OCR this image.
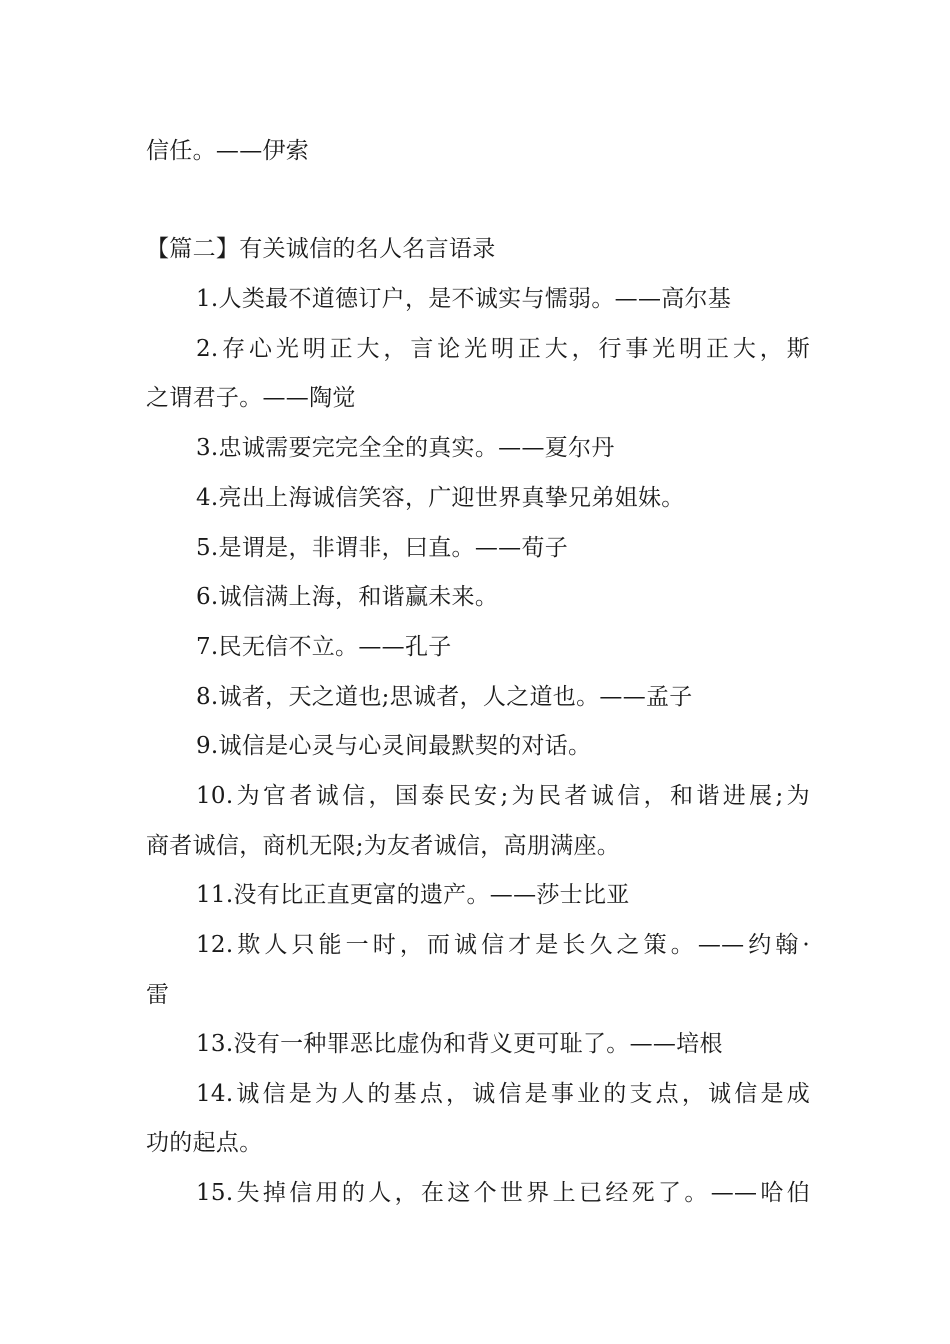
信任。——伊索
【篇二】有关诚信的名人名言语录
1.人类最不道德订户，是不诚实与懦弱。——高尔基
2.存心光明正大，言论光明正大，行事光明正大，斯
之谓君子。——陶觉
3.忠诚需要完完全全的真实。——夏尔丹
4.亮出上海诚信笑容，广迎世界真挚兄弟姐妹。
5.是谓是，非谓非，曰直。——荀子
6.诚信满上海，和谐赢未来。
7.民无信不立。——孔子
8.诚者，天之道也;思诚者，人之道也。——孟子
9.诚信是心灵与心灵间最默契的对话。
10.为官者诚信，国泰民安;为民者诚信，和谐进展;为
商者诚信，商机无限;为友者诚信，高朋满座。
11.没有比正直更富的遗产。——莎士比亚
12.欺人只能一时，而诚信才是长久之策。——约翰·
雷
13.没有一种罪恶比虚伪和背义更可耻了。——培根
14.诚信是为人的基点，诚信是事业的支点，诚信是成
功的起点。
15.失掉信用的人，在这个世界上已经死了。——哈伯
